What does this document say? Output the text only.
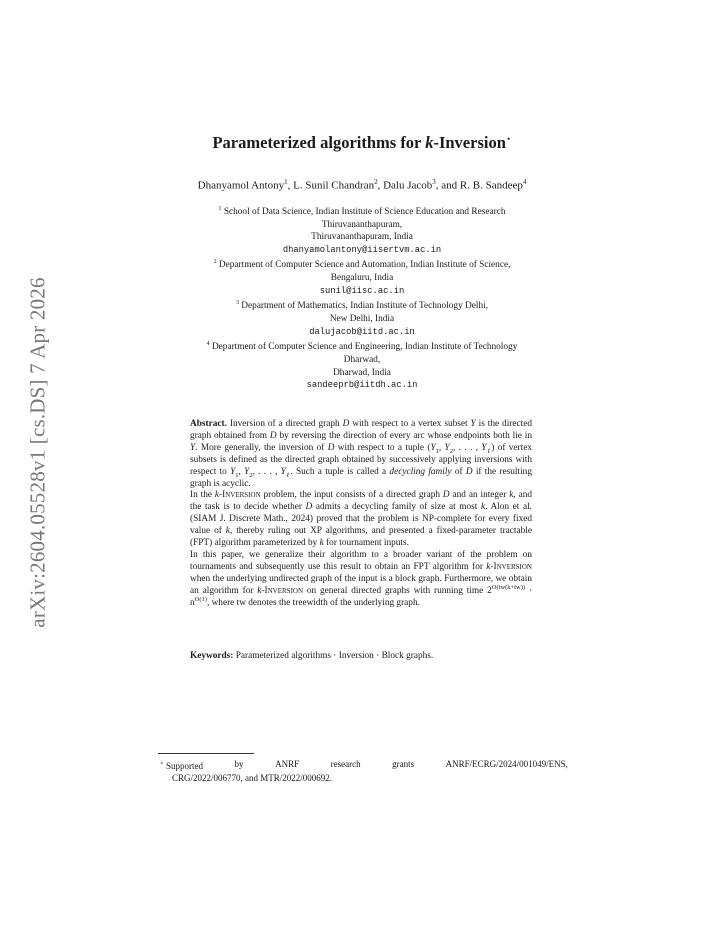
arXiv:2604.05528v1 [cs.DS] 7 Apr 2026
Parameterized algorithms for k-Inversion⋆
Dhanyamol Antony$^1$, L. Sunil Chandran$^2$, Dalu Jacob$^3$, and R. B. Sandeep$^4$
$^1$ School of Data Science, Indian Institute of Science Education and Research
Thiruvananthapuram,
Thiruvananthapuram, India
dhanyamolantony@iisertvm.ac.in
$^2$ Department of Computer Science and Automation, Indian Institute of Science,
Bengaluru, India
sunil@iisc.ac.in
$^3$ Department of Mathematics, Indian Institute of Technology Delhi,
New Delhi, India
dalujacob@iitd.ac.in
$^4$ Department of Computer Science and Engineering, Indian Institute of Technology
Dharwad,
Dharwad, India
sandeeprb@iitdh.ac.in

Abstract. Inversion of a directed graph D with respect to a vertex subset Y is the directed graph obtained from D by reversing the direction of every arc whose endpoints both lie in Y. More generally, the inversion of D with respect to a tuple ($Y_1$, $Y_2$, . . . , $Y_\ell$) of vertex subsets is defined as the directed graph obtained by successively applying inversions with respect to $Y_1$, $Y_2$, . . . , $Y_\ell$. Such a tuple is called a decycling family of D if the resulting graph is acyclic.

In the k-Inversion problem, the input consists of a directed graph D and an integer k, and the task is to decide whether D admits a decycling family of size at most k. Alon et al. (SIAM J. Discrete Math., 2024) proved that the problem is NP-complete for every fixed value of k, thereby ruling out XP algorithms, and presented a fixed-parameter tractable (FPT) algorithm parameterized by k for tournament inputs.

In this paper, we generalize their algorithm to a broader variant of the problem on tournaments and subsequently use this result to obtain an FPT algorithm for k-Inversion when the underlying undirected graph of the input is a block graph. Furthermore, we obtain an algorithm for k-Inversion on general directed graphs with running time $2^{O(tw(k+tw))} \cdot n^{O(1)}$, where tw denotes the treewidth of the underlying graph.

Keywords: Parameterized algorithms · Inversion · Block graphs.
⋆ Supported	by	ANRF	research	grants	ANRF/ECRG/2024/001049/ENS,
CRG/2022/006770, and MTR/2022/000692.
